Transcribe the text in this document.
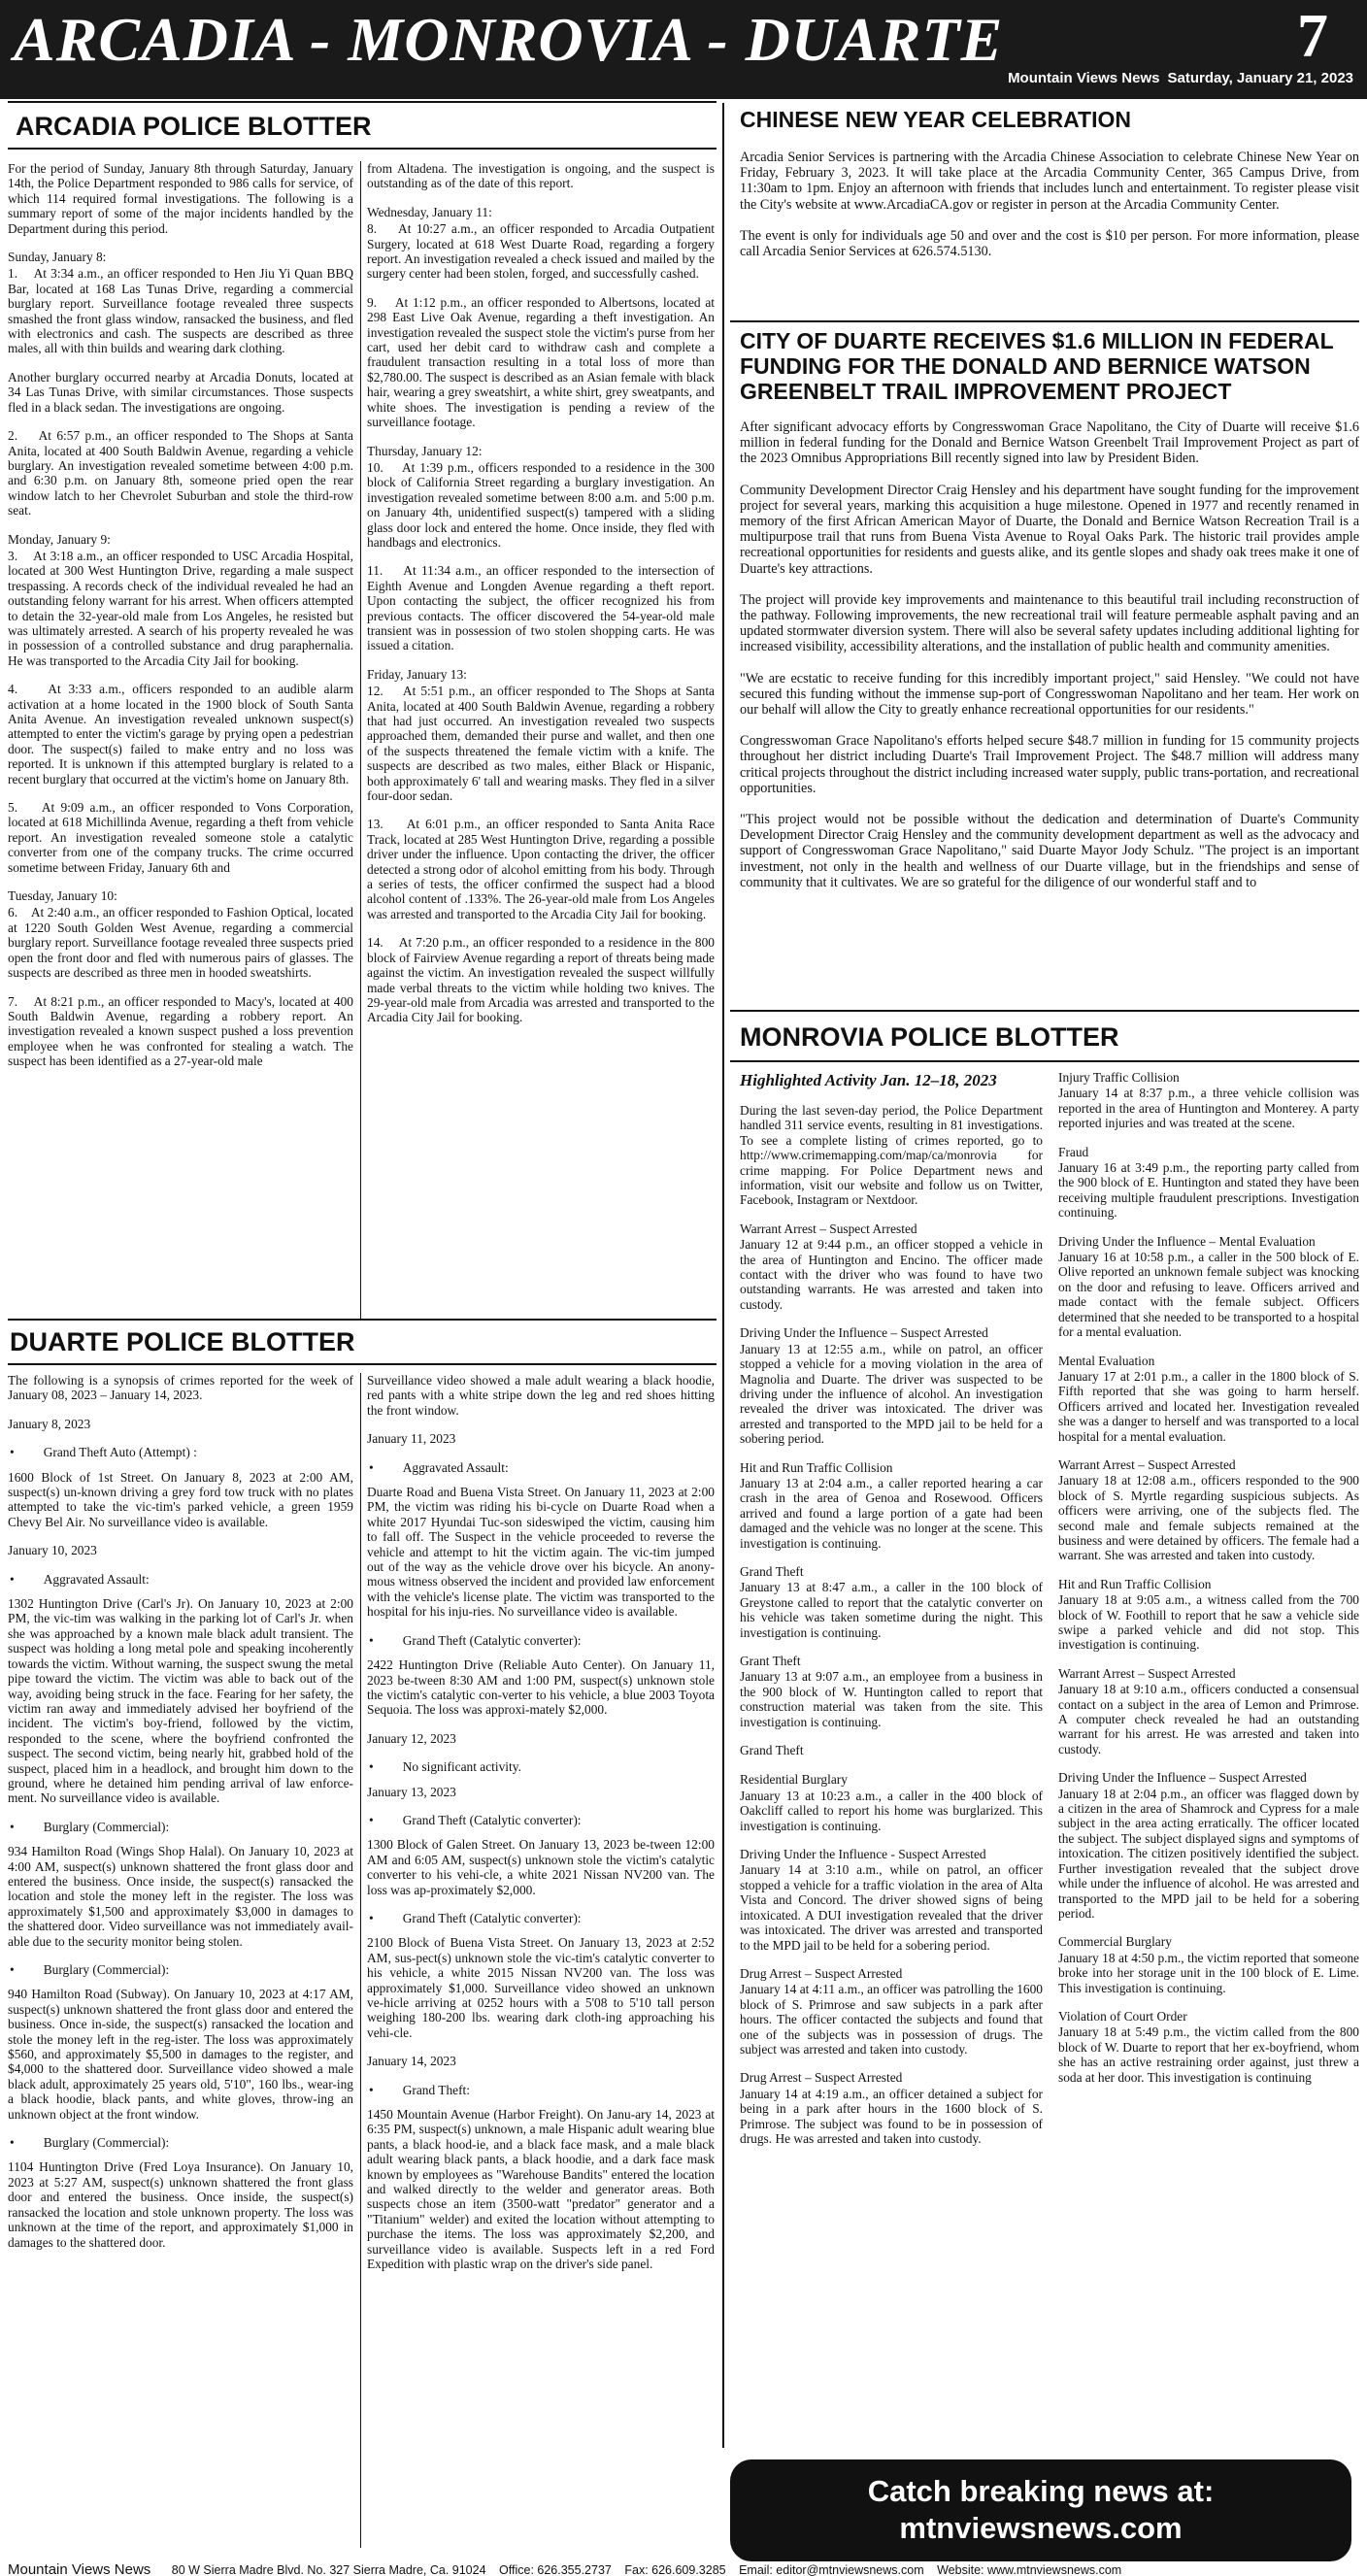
ARCADIA - MONROVIA - DUARTE	7
Mountain Views News Saturday, January 21, 2023
ARCADIA POLICE BLOTTER

For the period of Sunday, January 8th through Saturday, January 14th, the Police Department responded to 986 calls for service, of which 114 required formal investigations. The following is a summary report of some of the major incidents handled by the Department during this period.

Sunday, January 8:

1.    At 3:34 a.m., an officer responded to Hen Jiu Yi Quan BBQ Bar, located at 168 Las Tunas Drive, regarding a commercial burglary report. Surveillance footage revealed three suspects smashed the front glass window, ransacked the business, and fled with electronics and cash. The suspects are described as three males, all with thin builds and wearing dark clothing.

Another burglary occurred nearby at Arcadia Donuts, located at 34 Las Tunas Drive, with similar circumstances. Those suspects fled in a black sedan. The investigations are ongoing.

2.    At 6:57 p.m., an officer responded to The Shops at Santa Anita, located at 400 South Baldwin Avenue, regarding a vehicle burglary. An investigation revealed sometime between 4:00 p.m. and 6:30 p.m. on January 8th, someone pried open the rear window latch to her Chevrolet Suburban and stole the third-row seat.

Monday, January 9:

3.    At 3:18 a.m., an officer responded to USC Arcadia Hospital, located at 300 West Huntington Drive, regarding a male suspect trespassing. A records check of the individual revealed he had an outstanding felony warrant for his arrest. When officers attempted to detain the 32-year-old male from Los Angeles, he resisted but was ultimately arrested. A search of his property revealed he was in possession of a controlled substance and drug paraphernalia. He was transported to the Arcadia City Jail for booking.

4.    At 3:33 a.m., officers responded to an audible alarm activation at a home located in the 1900 block of South Santa Anita Avenue. An investigation revealed unknown suspect(s) attempted to enter the victim's garage by prying open a pedestrian door. The suspect(s) failed to make entry and no loss was reported. It is unknown if this attempted burglary is related to a recent burglary that occurred at the victim's home on January 8th.

5.    At 9:09 a.m., an officer responded to Vons Corporation, located at 618 Michillinda Avenue, regarding a theft from vehicle report. An investigation revealed someone stole a catalytic converter from one of the company trucks. The crime occurred sometime between Friday, January 6th and

Tuesday, January 10:

6.    At 2:40 a.m., an officer responded to Fashion Optical, located at 1220 South Golden West Avenue, regarding a commercial burglary report. Surveillance footage revealed three suspects pried open the front door and fled with numerous pairs of glasses. The suspects are described as three men in hooded sweatshirts.

7.    At 8:21 p.m., an officer responded to Macy's, located at 400 South Baldwin Avenue, regarding a robbery report. An investigation revealed a known suspect pushed a loss prevention employee when he was confronted for stealing a watch. The suspect has been identified as a 27-year-old male

from Altadena. The investigation is ongoing, and the suspect is outstanding as of the date of this report.

Wednesday, January 11:

8.    At 10:27 a.m., an officer responded to Arcadia Outpatient Surgery, located at 618 West Duarte Road, regarding a forgery report. An investigation revealed a check issued and mailed by the surgery center had been stolen, forged, and successfully cashed.

9.    At 1:12 p.m., an officer responded to Albertsons, located at 298 East Live Oak Avenue, regarding a theft investigation. An investigation revealed the suspect stole the victim's purse from her cart, used her debit card to withdraw cash and complete a fraudulent transaction resulting in a total loss of more than $2,780.00. The suspect is described as an Asian female with black hair, wearing a grey sweatshirt, a white shirt, grey sweatpants, and white shoes. The investigation is pending a review of the surveillance footage.

Thursday, January 12:

10.    At 1:39 p.m., officers responded to a residence in the 300 block of California Street regarding a burglary investigation. An investigation revealed sometime between 8:00 a.m. and 5:00 p.m. on January 4th, unidentified suspect(s) tampered with a sliding glass door lock and entered the home. Once inside, they fled with handbags and electronics.

11.    At 11:34 a.m., an officer responded to the intersection of Eighth Avenue and Longden Avenue regarding a theft report. Upon contacting the subject, the officer recognized his from previous contacts. The officer discovered the 54-year-old male transient was in possession of two stolen shopping carts. He was issued a citation.

Friday, January 13:

12.    At 5:51 p.m., an officer responded to The Shops at Santa Anita, located at 400 South Baldwin Avenue, regarding a robbery that had just occurred. An investigation revealed two suspects approached them, demanded their purse and wallet, and then one of the suspects threatened the female victim with a knife. The suspects are described as two males, either Black or Hispanic, both approximately 6' tall and wearing masks. They fled in a silver four-door sedan.

13.    At 6:01 p.m., an officer responded to Santa Anita Race Track, located at 285 West Huntington Drive, regarding a possible driver under the influence. Upon contacting the driver, the officer detected a strong odor of alcohol emitting from his body. Through a series of tests, the officer confirmed the suspect had a blood alcohol content of .133%. The 26-year-old male from Los Angeles was arrested and transported to the Arcadia City Jail for booking.

14.    At 7:20 p.m., an officer responded to a residence in the 800 block of Fairview Avenue regarding a report of threats being made against the victim. An investigation revealed the suspect willfully made verbal threats to the victim while holding two knives. The 29-year-old male from Arcadia was arrested and transported to the Arcadia City Jail for booking.

DUARTE POLICE BLOTTER
The following is a synopsis of crimes reported for the week of January 08, 2023 – January 14, 2023.
January 8, 2023
• Grand Theft Auto (Attempt) :
1600 Block of 1st Street. On January 8, 2023 at 2:00 AM, suspect(s) un-known driving a grey ford tow truck with no plates attempted to take the vic-tim's parked vehicle, a green 1959 Chevy Bel Air. No surveillance video is available.
January 10, 2023
• Aggravated Assault:
1302 Huntington Drive (Carl's Jr). On January 10, 2023 at 2:00 PM, the vic-tim was walking in the parking lot of Carl's Jr. when she was approached by a known male black adult transient. The suspect was holding a long metal pole and speaking incoherently towards the victim. Without warning, the suspect swung the metal pipe toward the victim. The victim was able to back out of the way, avoiding being struck in the face. Fearing for her safety, the victim ran away and immediately advised her boyfriend of the incident. The victim's boy-friend, followed by the victim, responded to the scene, where the boyfriend confronted the suspect. The second victim, being nearly hit, grabbed hold of the suspect, placed him in a headlock, and brought him down to the ground, where he detained him pending arrival of law enforce-ment. No surveillance video is available.
• Burglary (Commercial):
934 Hamilton Road (Wings Shop Halal). On January 10, 2023 at 4:00 AM, suspect(s) unknown shattered the front glass door and entered the business. Once inside, the suspect(s) ransacked the location and stole the money left in the register. The loss was approximately $1,500 and approximately $3,000 in damages to the shattered door. Video surveillance was not immediately avail-able due to the security monitor being stolen.
• Burglary (Commercial):
940 Hamilton Road (Subway). On January 10, 2023 at 4:17 AM, suspect(s) unknown shattered the front glass door and entered the business. Once in-side, the suspect(s) ransacked the location and stole the money left in the reg-ister. The loss was approximately $560, and approximately $5,500 in damages to the register, and $4,000 to the shattered door. Surveillance video showed a male black adult, approximately 25 years old, 5'10", 160 lbs., wear-ing a black hoodie, black pants, and white gloves, throw-ing an unknown object at the front window.
• Burglary (Commercial):
1104 Huntington Drive (Fred Loya Insurance). On January 10, 2023 at 5:27 AM, suspect(s) unknown shattered the front glass door and entered the business. Once inside, the suspect(s) ransacked the location and stole unknown property. The loss was unknown at the time of the report, and approximately $1,000 in damages to the shattered door.
Surveillance video showed a male adult wearing a black hoodie, red pants with a white stripe down the leg and red shoes hitting the front window.
January 11, 2023
• Aggravated Assault:
Duarte Road and Buena Vista Street. On January 11, 2023 at 2:00 PM, the victim was riding his bi-cycle on Duarte Road when a white 2017 Hyundai Tuc-son sideswiped the victim, causing him to fall off. The Suspect in the vehicle proceeded to reverse the vehicle and attempt to hit the victim again. The vic-tim jumped out of the way as the vehicle drove over his bicycle. An anony-mous witness observed the incident and provided law enforcement with the vehicle's license plate. The victim was transported to the hospital for his inju-ries. No surveillance video is available.
• Grand Theft (Catalytic converter):
2422 Huntington Drive (Reliable Auto Center). On January 11, 2023 be-tween 8:30 AM and 1:00 PM, suspect(s) unknown stole the victim's catalytic con-verter to his vehicle, a blue 2003 Toyota Sequoia. The loss was approxi-mately $2,000.
January 12, 2023
• No significant activity.
January 13, 2023
• Grand Theft (Catalytic converter):
1300 Block of Galen Street. On January 13, 2023 be-tween 12:00 AM and 6:05 AM, suspect(s) unknown stole the victim's catalytic converter to his vehi-cle, a white 2021 Nissan NV200 van. The loss was ap-proximately $2,000.
• Grand Theft (Catalytic converter):
2100 Block of Buena Vista Street. On January 13, 2023 at 2:52 AM, sus-pect(s) unknown stole the vic-tim's catalytic converter to his vehicle, a white 2015 Nissan NV200 van. The loss was approximately $1,000. Surveillance video showed an unknown ve-hicle arriving at 0252 hours with a 5'08 to 5'10 tall person weighing 180-200 lbs. wearing dark cloth-ing approaching his vehi-cle.
January 14, 2023
• Grand Theft:
1450 Mountain Avenue (Harbor Freight). On Janu-ary 14, 2023 at 6:35 PM, suspect(s) unknown, a male Hispanic adult wearing blue pants, a black hood-ie, and a black face mask, and a male black adult wearing black pants, a black hoodie, and a dark face mask known by employees as "Warehouse Bandits" entered the location and walked directly to the welder and generator areas. Both suspects chose an item (3500-watt "predator" generator and a "Titanium" welder) and exited the location without attempting to purchase the items. The loss was approximately $2,200, and surveillance video is available. Suspects left in a red Ford Expedition with plastic wrap on the driver's side panel.
CHINESE NEW YEAR CELEBRATION

Arcadia Senior Services is partnering with the Arcadia Chinese Association to celebrate Chinese New Year on Friday, February 3, 2023. It will take place at the Arcadia Community Center, 365 Campus Drive, from 11:30am to 1pm. Enjoy an afternoon with friends that includes lunch and entertainment. To register please visit the City's website at www.ArcadiaCA.gov or register in person at the Arcadia Community Center.

The event is only for individuals age 50 and over and the cost is $10 per person. For more information, please call Arcadia Senior Services at 626.574.5130.

CITY OF DUARTE RECEIVES $1.6 MILLION IN FEDERAL FUNDING FOR THE DONALD AND BERNICE WATSON GREENBELT TRAIL IMPROVEMENT PROJECT

After significant advocacy efforts by Congresswoman Grace Napolitano, the City of Duarte will receive $1.6 million in federal funding for the Donald and Bernice Watson Greenbelt Trail Improvement Project as part of the 2023 Omnibus Appropriations Bill recently signed into law by President Biden.

Community Development Director Craig Hensley and his department have sought funding for the improvement project for several years, marking this acquisition a huge milestone. Opened in 1977 and recently renamed in memory of the first African American Mayor of Duarte, the Donald and Bernice Watson Recreation Trail is a multipurpose trail that runs from Buena Vista Avenue to Royal Oaks Park. The historic trail provides ample recreational opportunities for residents and guests alike, and its gentle slopes and shady oak trees make it one of Duarte's key attractions.

The project will provide key improvements and maintenance to this beautiful trail including reconstruction of the pathway. Following improvements, the new recreational trail will feature permeable asphalt paving and an updated stormwater diversion system. There will also be several safety updates including additional lighting for increased visibility, accessibility alterations, and the installation of public health and community amenities.

"We are ecstatic to receive funding for this incredibly important project," said Hensley. "We could not have secured this funding without the immense sup-port of Congresswoman Napolitano and her team. Her work on our behalf will allow the City to greatly enhance recreational opportunities for our residents."

Congresswoman Grace Napolitano's efforts helped secure $48.7 million in funding for 15 community projects throughout her district including Duarte's Trail Improvement Project. The $48.7 million will address many critical projects throughout the district including increased water supply, public trans-portation, and recreational opportunities.

"This project would not be possible without the dedication and determination of Duarte's Community Development Director Craig Hensley and the community development department as well as the advocacy and support of Congresswoman Grace Napolitano," said Duarte Mayor Jody Schulz. "The project is an important investment, not only in the health and wellness of our Duarte village, but in the friendships and sense of community that it cultivates. We are so grateful for the diligence of our wonderful staff and to

MONROVIA POLICE BLOTTER
Highlighted Activity Jan. 12–18, 2023
During the last seven-day period, the Police Department handled 311 service events, resulting in 81 investigations. To see a complete listing of crimes reported, go to http://www.crimemapping.com/map/ca/monrovia for crime mapping. For Police Department news and information, visit our website and follow us on Twitter, Facebook, Instagram or Nextdoor.
Warrant Arrest – Suspect Arrested
January 12 at 9:44 p.m., an officer stopped a vehicle in the area of Huntington and Encino. The officer made contact with the driver who was found to have two outstanding warrants. He was arrested and taken into custody.
Driving Under the Influence – Suspect Arrested
January 13 at 12:55 a.m., while on patrol, an officer stopped a vehicle for a moving violation in the area of Magnolia and Duarte. The driver was suspected to be driving under the influence of alcohol. An investigation revealed the driver was intoxicated. The driver was arrested and transported to the MPD jail to be held for a sobering period.
Hit and Run Traffic Collision
January 13 at 2:04 a.m., a caller reported hearing a car crash in the area of Genoa and Rosewood. Officers arrived and found a large portion of a gate had been damaged and the vehicle was no longer at the scene. This investigation is continuing.
Grand Theft
January 13 at 8:47 a.m., a caller in the 100 block of Greystone called to report that the catalytic converter on his vehicle was taken sometime during the night. This investigation is continuing.
Grant Theft
January 13 at 9:07 a.m., an employee from a business in the 900 block of W. Huntington called to report that construction material was taken from the site. This investigation is continuing.
Grand Theft
Residential Burglary
January 13 at 10:23 a.m., a caller in the 400 block of Oakcliff called to report his home was burglarized. This investigation is continuing.
Driving Under the Influence - Suspect Arrested
January 14 at 3:10 a.m., while on patrol, an officer stopped a vehicle for a traffic violation in the area of Alta Vista and Concord. The driver showed signs of being intoxicated. A DUI investigation revealed that the driver was intoxicated. The driver was arrested and transported to the MPD jail to be held for a sobering period.
Drug Arrest – Suspect Arrested
January 14 at 4:11 a.m., an officer was patrolling the 1600 block of S. Primrose and saw subjects in a park after hours. The officer contacted the subjects and found that one of the subjects was in possession of drugs. The subject was arrested and taken into custody.
Drug Arrest – Suspect Arrested
January 14 at 4:19 a.m., an officer detained a subject for being in a park after hours in the 1600 block of S. Primrose. The subject was found to be in possession of drugs. He was arrested and taken into custody.
Injury Traffic Collision
January 14 at 8:37 p.m., a three vehicle collision was reported in the area of Huntington and Monterey. A party reported injuries and was treated at the scene.
Fraud
January 16 at 3:49 p.m., the reporting party called from the 900 block of E. Huntington and stated they have been receiving multiple fraudulent prescriptions. Investigation continuing.
Driving Under the Influence – Mental Evaluation
January 16 at 10:58 p.m., a caller in the 500 block of E. Olive reported an unknown female subject was knocking on the door and refusing to leave. Officers arrived and made contact with the female subject. Officers determined that she needed to be transported to a hospital for a mental evaluation.
Mental Evaluation
January 17 at 2:01 p.m., a caller in the 1800 block of S. Fifth reported that she was going to harm herself. Officers arrived and located her. Investigation revealed she was a danger to herself and was transported to a local hospital for a mental evaluation.
Warrant Arrest – Suspect Arrested
January 18 at 12:08 a.m., officers responded to the 900 block of S. Myrtle regarding suspicious subjects. As officers were arriving, one of the subjects fled. The second male and female subjects remained at the business and were detained by officers. The female had a warrant. She was arrested and taken into custody.
Hit and Run Traffic Collision
January 18 at 9:05 a.m., a witness called from the 700 block of W. Foothill to report that he saw a vehicle side swipe a parked vehicle and did not stop. This investigation is continuing.
Warrant Arrest – Suspect Arrested
January 18 at 9:10 a.m., officers conducted a consensual contact on a subject in the area of Lemon and Primrose. A computer check revealed he had an outstanding warrant for his arrest. He was arrested and taken into custody.
Driving Under the Influence – Suspect Arrested
January 18 at 2:04 p.m., an officer was flagged down by a citizen in the area of Shamrock and Cypress for a male subject in the area acting erratically. The officer located the subject. The subject displayed signs and symptoms of intoxication. The citizen positively identified the subject. Further investigation revealed that the subject drove while under the influence of alcohol. He was arrested and transported to the MPD jail to be held for a sobering period.
Commercial Burglary
January 18 at 4:50 p.m., the victim reported that someone broke into her storage unit in the 100 block of E. Lime. This investigation is continuing.
Violation of Court Order
January 18 at 5:49 p.m., the victim called from the 800 block of W. Duarte to report that her ex-boyfriend, whom she has an active restraining order against, just threw a soda at her door. This investigation is continuing
Catch breaking news at:
mtnviewsnews.com
Mountain Views News 80 W Sierra Madre Blvd. No. 327 Sierra Madre, Ca. 91024 Office: 626.355.2737 Fax: 626.609.3285 Email: editor@mtnviewsnews.com Website: www.mtnviewsnews.com
